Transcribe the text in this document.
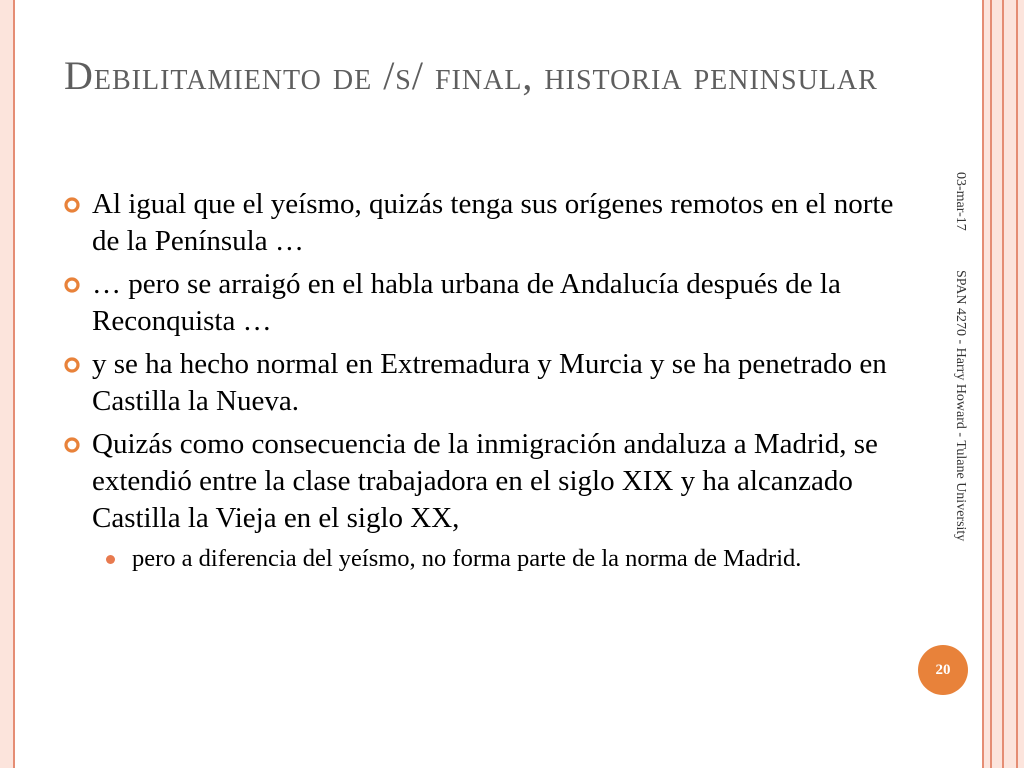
Debilitamiento de /s/ final, historia peninsular
Al igual que el yeísmo, quizás tenga sus orígenes remotos en el norte de la Península …
… pero se arraigó en el habla urbana de Andalucía después de la Reconquista …
y se ha hecho normal en Extremadura y Murcia y se ha penetrado en Castilla la Nueva.
Quizás como consecuencia de la inmigración andaluza a Madrid, se extendió entre la clase trabajadora en el siglo XIX y ha alcanzado Castilla la Vieja en el siglo XX,
pero a diferencia del yeísmo, no forma parte de la norma de Madrid.
03-mar-17
SPAN 4270 - Harry Howard - Tulane University
20
